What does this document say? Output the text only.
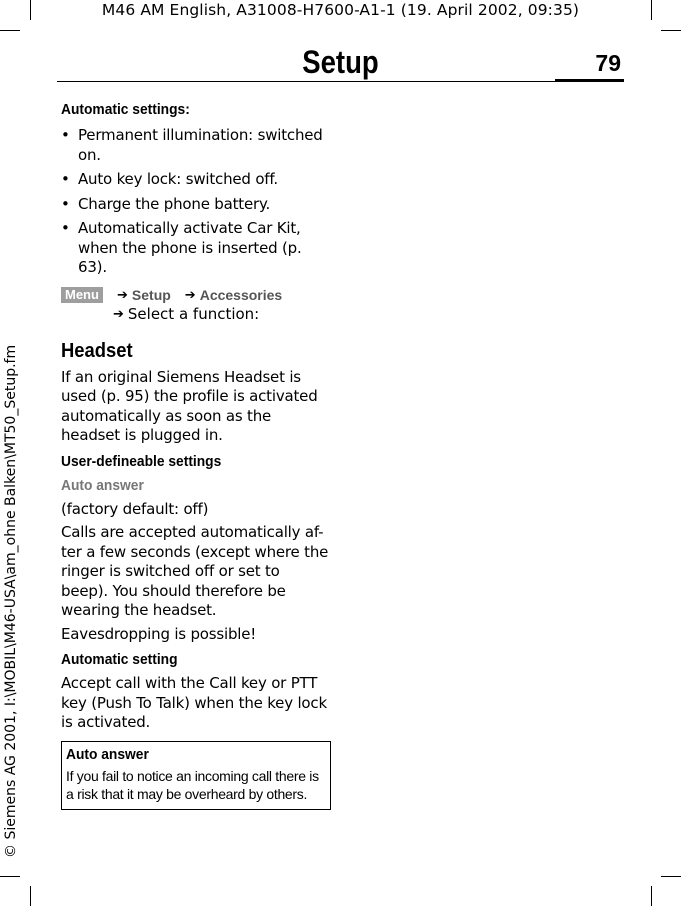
M46 AM English, A31008-H7600-A1-1 (19. April 2002, 09:35)
Setup	79
© Siemens AG 2001, I:\MOBIL\M46-USA\am_ohne Balken\MT50_Setup.fm
Automatic settings:
• Permanent illumination: switched on.
• Auto key lock: switched off.
• Charge the phone battery.
• Automatically activate Car Kit, when the phone is inserted (p. 63).
Menu	➔ Setup ➔ Accessories
➔ Select a function:
Headset
If an original Siemens Headset is used (p. 95) the profile is activated automatically as soon as the headset is plugged in.
User-defineable settings
Auto answer
(factory default: off)
Calls are accepted automatically af-ter a few seconds (except where the ringer is switched off or set to beep). You should therefore be wearing the headset.
Eavesdropping is possible!
Automatic setting
Accept call with the Call key or PTT key (Push To Talk) when the key lock is activated.
Auto answer
If you fail to notice an incoming call there is a risk that it may be overheard by others.
